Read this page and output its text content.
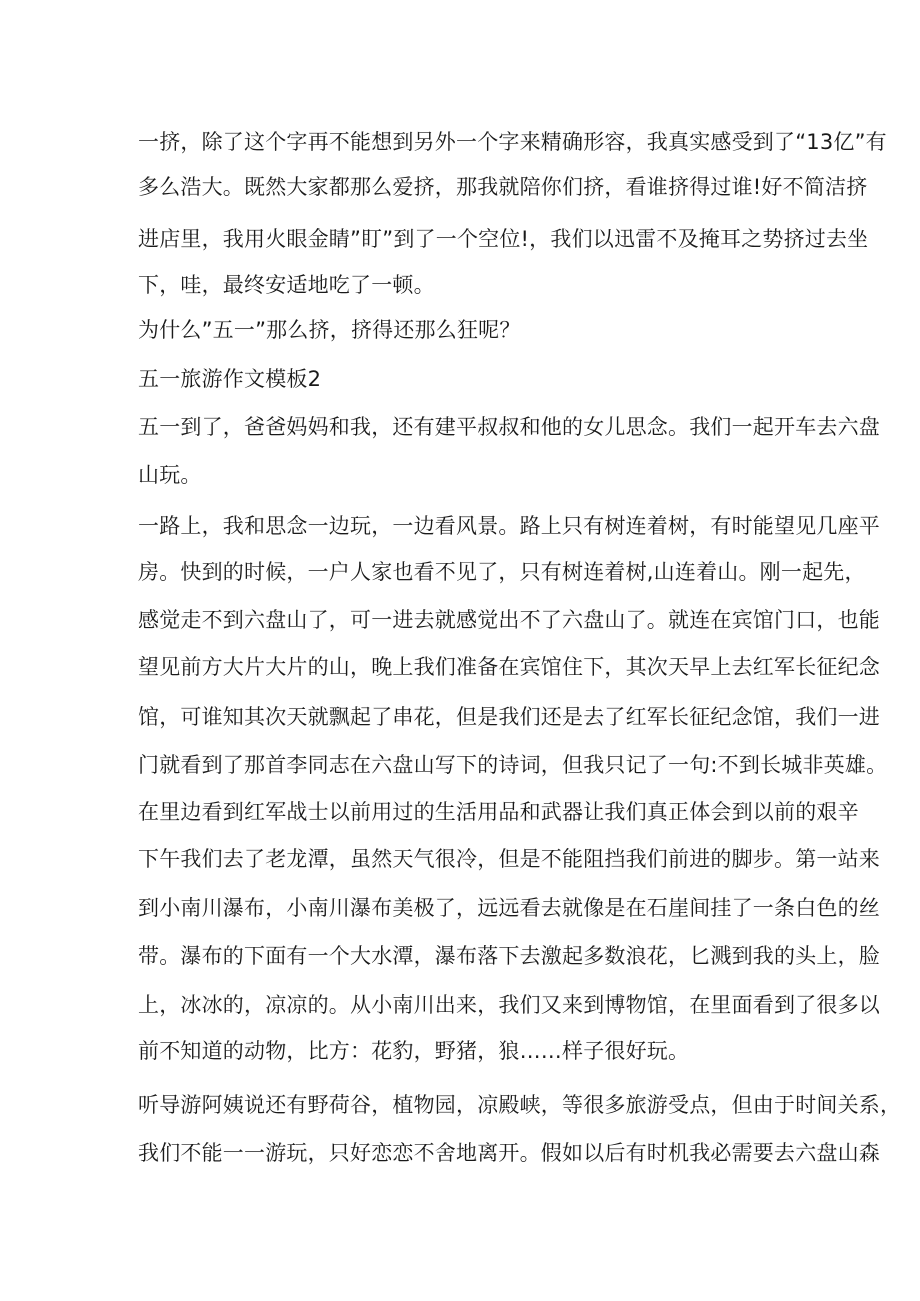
一挤，除了这个字再不能想到另外一个字来精确形容，我真实感受到了“13亿”有
多么浩大。既然大家都那么爱挤，那我就陪你们挤，看谁挤得过谁!好不简洁挤
进店里，我用火眼金睛”盯”到了一个空位!，我们以迅雷不及掩耳之势挤过去坐
下，哇，最终安适地吃了一顿。
为什么”五一”那么挤，挤得还那么狂呢？
五一旅游作文模板2
五一到了，爸爸妈妈和我，还有建平叔叔和他的女儿思念。我们一起开车去六盘
山玩。
一路上，我和思念一边玩，一边看风景。路上只有树连着树，有时能望见几座平
房。快到的时候，一户人家也看不见了，只有树连着树,山连着山。刚一起先，
感觉走不到六盘山了，可一进去就感觉出不了六盘山了。就连在宾馆门口，也能
望见前方大片大片的山，晚上我们准备在宾馆住下，其次天早上去红军长征纪念
馆，可谁知其次天就飘起了串花，但是我们还是去了红军长征纪念馆，我们一进
门就看到了那首李同志在六盘山写下的诗词，但我只记了一句:不到长城非英雄。
在里边看到红军战士以前用过的生活用品和武器让我们真正体会到以前的艰辛
下午我们去了老龙潭，虽然天气很冷，但是不能阻挡我们前进的脚步。第一站来
到小南川瀑布，小南川瀑布美极了，远远看去就像是在石崖间挂了一条白色的丝
带。瀑布的下面有一个大水潭，瀑布落下去激起多数浪花，匕溅到我的头上，脸
上，冰冰的，凉凉的。从小南川出来，我们又来到博物馆，在里面看到了很多以
前不知道的动物，比方：花豹，野猪，狼……样子很好玩。
听导游阿姨说还有野荷谷，植物园，凉殿峡，等很多旅游受点，但由于时间关系，
我们不能一一游玩，只好恋恋不舍地离开。假如以后有时机我必需要去六盘山森
